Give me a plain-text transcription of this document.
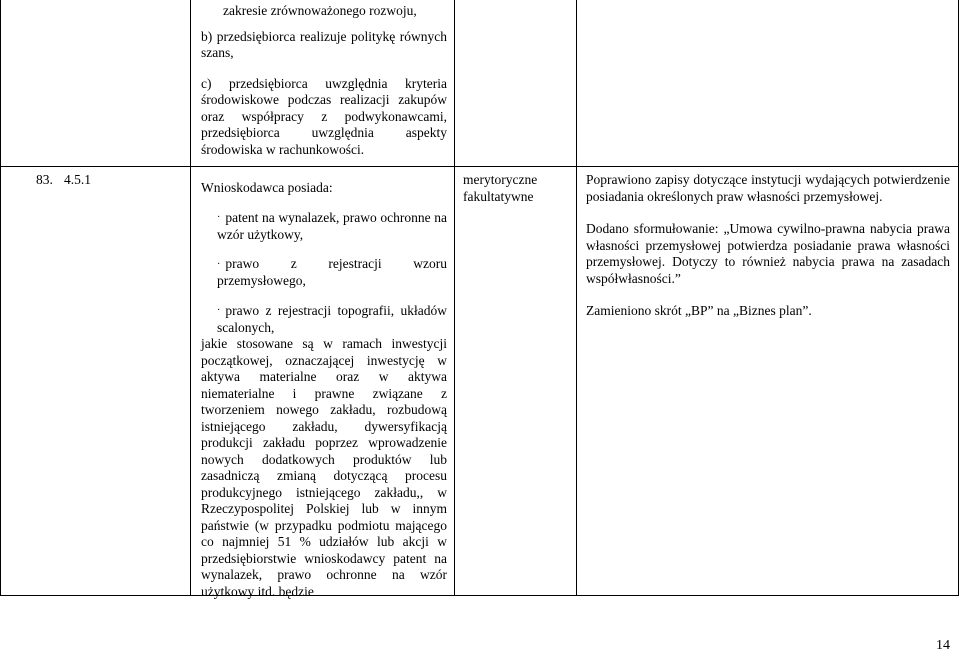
zakresie zrównoważonego rozwoju,

b) przedsiębiorca realizuje politykę równych szans,

c) przedsiębiorca uwzględnia kryteria środowiskowe podczas realizacji zakupów oraz współpracy z podwykonawcami, przedsiębiorca uwzględnia aspekty środowiska w rachunkowości.

83. 4.5.1

Wnioskodawca posiada:

· patent na wynalazek, prawo ochronne na wzór użytkowy,

· prawo z rejestracji wzoru przemysłowego,

· prawo z rejestracji topografii, układów scalonych,

jakie stosowane są w ramach inwestycji początkowej, oznaczającej inwestycję w aktywa materialne oraz w aktywa niematerialne i prawne związane z tworzeniem nowego zakładu, rozbudową istniejącego zakładu, dywersyfikacją produkcji zakładu poprzez wprowadzenie nowych dodatkowych produktów lub zasadniczą zmianą dotyczącą procesu produkcyjnego istniejącego zakładu,, w Rzeczypospolitej Polskiej lub w innym państwie (w przypadku podmiotu mającego co najmniej 51 % udziałów lub akcji w przedsiębiorstwie wnioskodawcy patent na wynalazek, prawo ochronne na wzór użytkowy itd. będzie

merytoryczne fakultatywne

Poprawiono zapisy dotyczące instytucji wydających potwierdzenie posiadania określonych praw własności przemysłowej.

Dodano sformułowanie: „Umowa cywilno-prawna nabycia prawa własności przemysłowej potwierdza posiadanie prawa własności przemysłowej. Dotyczy to również nabycia prawa na zasadach współwłasności.”

Zamieniono skrót „BP” na „Biznes plan”.

14
